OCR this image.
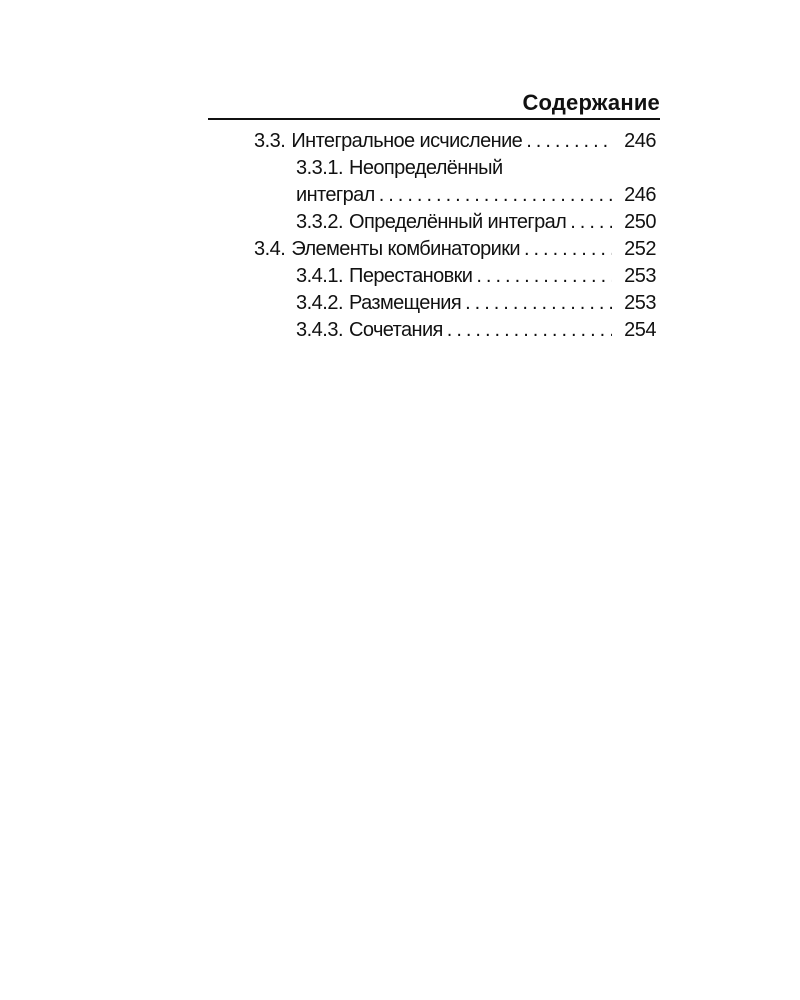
Содержание
3.3. Интегральное исчисление .....	246
3.3.1. Неопределённый
интеграл .....	246
3.3.2. Определённый интеграл .....	250
3.4. Элементы комбинаторики .....	252
3.4.1. Перестановки .....	253
3.4.2. Размещения .....	253
3.4.3. Сочетания .....	254
